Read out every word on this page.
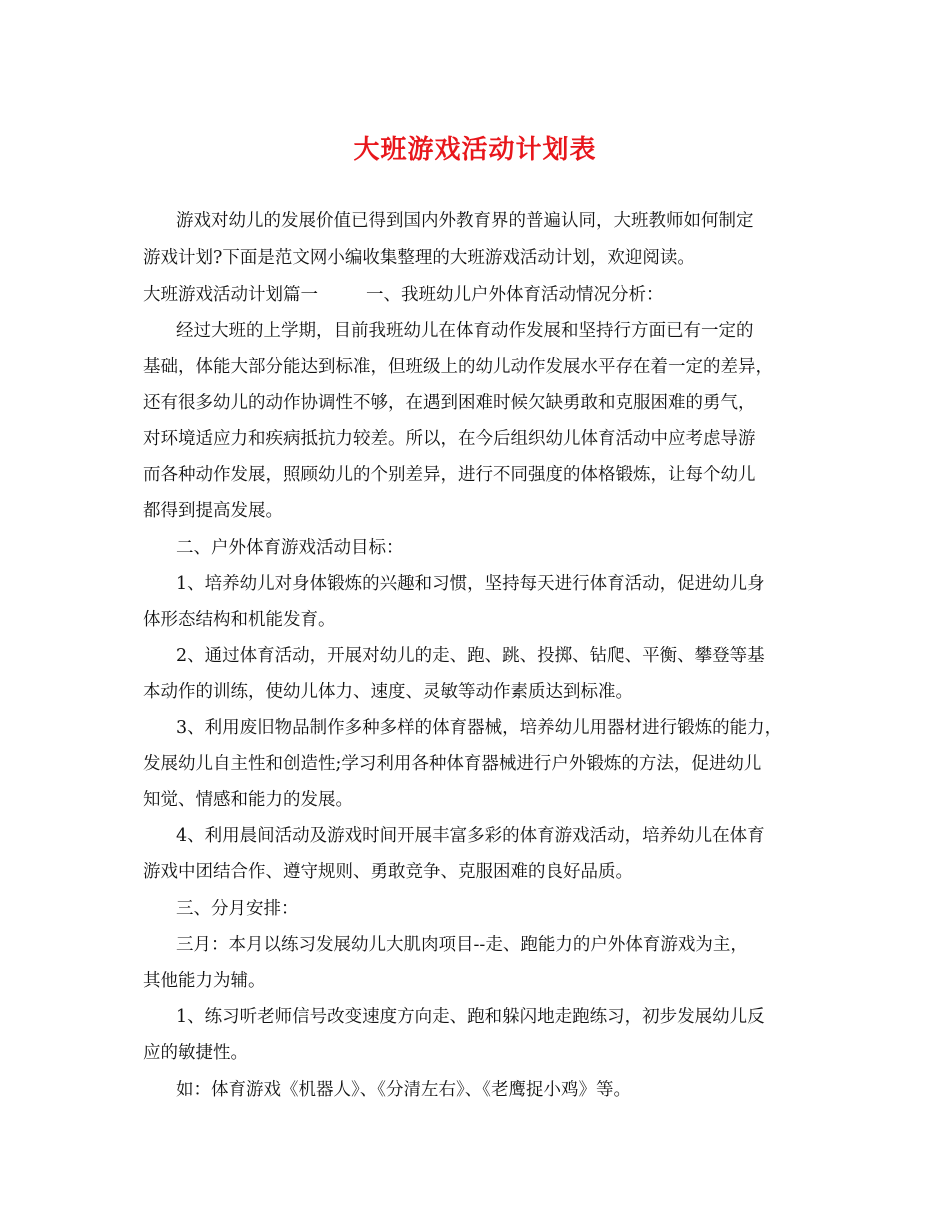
大班游戏活动计划表
游戏对幼儿的发展价值已得到国内外教育界的普遍认同，大班教师如何制定
游戏计划?下面是范文网小编收集整理的大班游戏活动计划，欢迎阅读。
大班游戏活动计划篇一	一、我班幼儿户外体育活动情况分析：
经过大班的上学期，目前我班幼儿在体育动作发展和坚持行方面已有一定的
基础，体能大部分能达到标准，但班级上的幼儿动作发展水平存在着一定的差异，
还有很多幼儿的动作协调性不够，在遇到困难时候欠缺勇敢和克服困难的勇气，
对环境适应力和疾病抵抗力较差。所以，在今后组织幼儿体育活动中应考虑导游
而各种动作发展，照顾幼儿的个别差异，进行不同强度的体格锻炼，让每个幼儿
都得到提高发展。
二、户外体育游戏活动目标：
1、培养幼儿对身体锻炼的兴趣和习惯，坚持每天进行体育活动，促进幼儿身
体形态结构和机能发育。
2、通过体育活动，开展对幼儿的走、跑、跳、投掷、钻爬、平衡、攀登等基
本动作的训练，使幼儿体力、速度、灵敏等动作素质达到标准。
3、利用废旧物品制作多种多样的体育器械，培养幼儿用器材进行锻炼的能力，
发展幼儿自主性和创造性;学习利用各种体育器械进行户外锻炼的方法，促进幼儿
知觉、情感和能力的发展。
4、利用晨间活动及游戏时间开展丰富多彩的体育游戏活动，培养幼儿在体育
游戏中团结合作、遵守规则、勇敢竞争、克服困难的良好品质。
三、分月安排：
三月：本月以练习发展幼儿大肌肉项目--走、跑能力的户外体育游戏为主，
其他能力为辅。
1、练习听老师信号改变速度方向走、跑和躲闪地走跑练习，初步发展幼儿反
应的敏捷性。
如：体育游戏《机器人》、《分清左右》、《老鹰捉小鸡》等。
